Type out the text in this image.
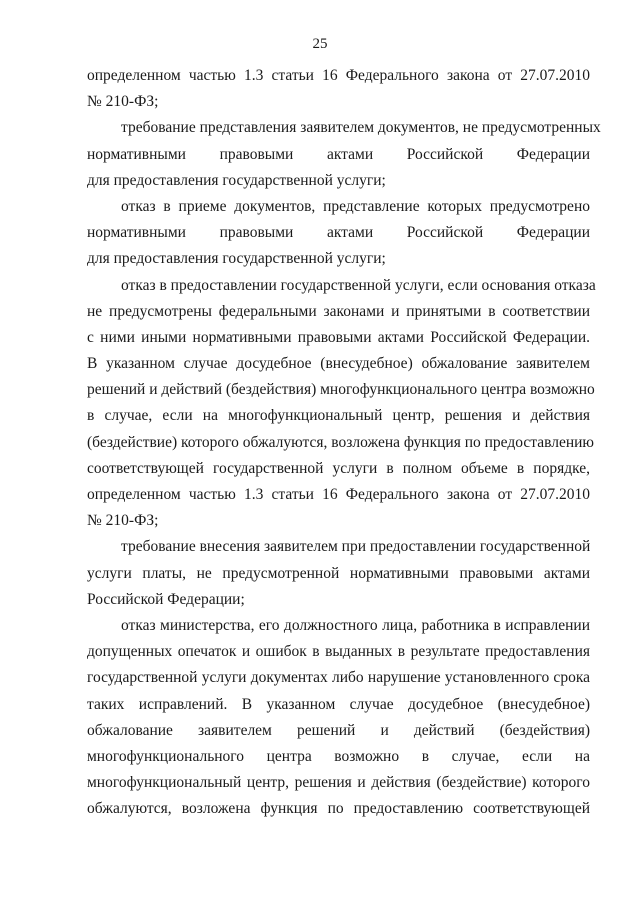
25
определенном частью 1.3 статьи 16 Федерального закона от 27.07.2010
№ 210-ФЗ;
требование представления заявителем документов, не предусмотренных
нормативными правовыми актами Российской Федерации
для предоставления государственной услуги;
отказ в приеме документов, представление которых предусмотрено
нормативными правовыми актами Российской Федерации
для предоставления государственной услуги;
отказ в предоставлении государственной услуги, если основания отказа
не предусмотрены федеральными законами и принятыми в соответствии
с ними иными нормативными правовыми актами Российской Федерации.
В указанном случае досудебное (внесудебное) обжалование заявителем
решений и действий (бездействия) многофункционального центра возможно
в случае, если на многофункциональный центр, решения и действия
(бездействие) которого обжалуются, возложена функция по предоставлению
соответствующей государственной услуги в полном объеме в порядке,
определенном частью 1.3 статьи 16 Федерального закона от 27.07.2010
№ 210-ФЗ;
требование внесения заявителем при предоставлении государственной
услуги платы, не предусмотренной нормативными правовыми актами
Российской Федерации;
отказ министерства, его должностного лица, работника в исправлении
допущенных опечаток и ошибок в выданных в результате предоставления
государственной услуги документах либо нарушение установленного срока
таких исправлений. В указанном случае досудебное (внесудебное)
обжалование заявителем решений и действий (бездействия)
многофункционального центра возможно в случае, если на
многофункциональный центр, решения и действия (бездействие) которого
обжалуются, возложена функция по предоставлению соответствующей
